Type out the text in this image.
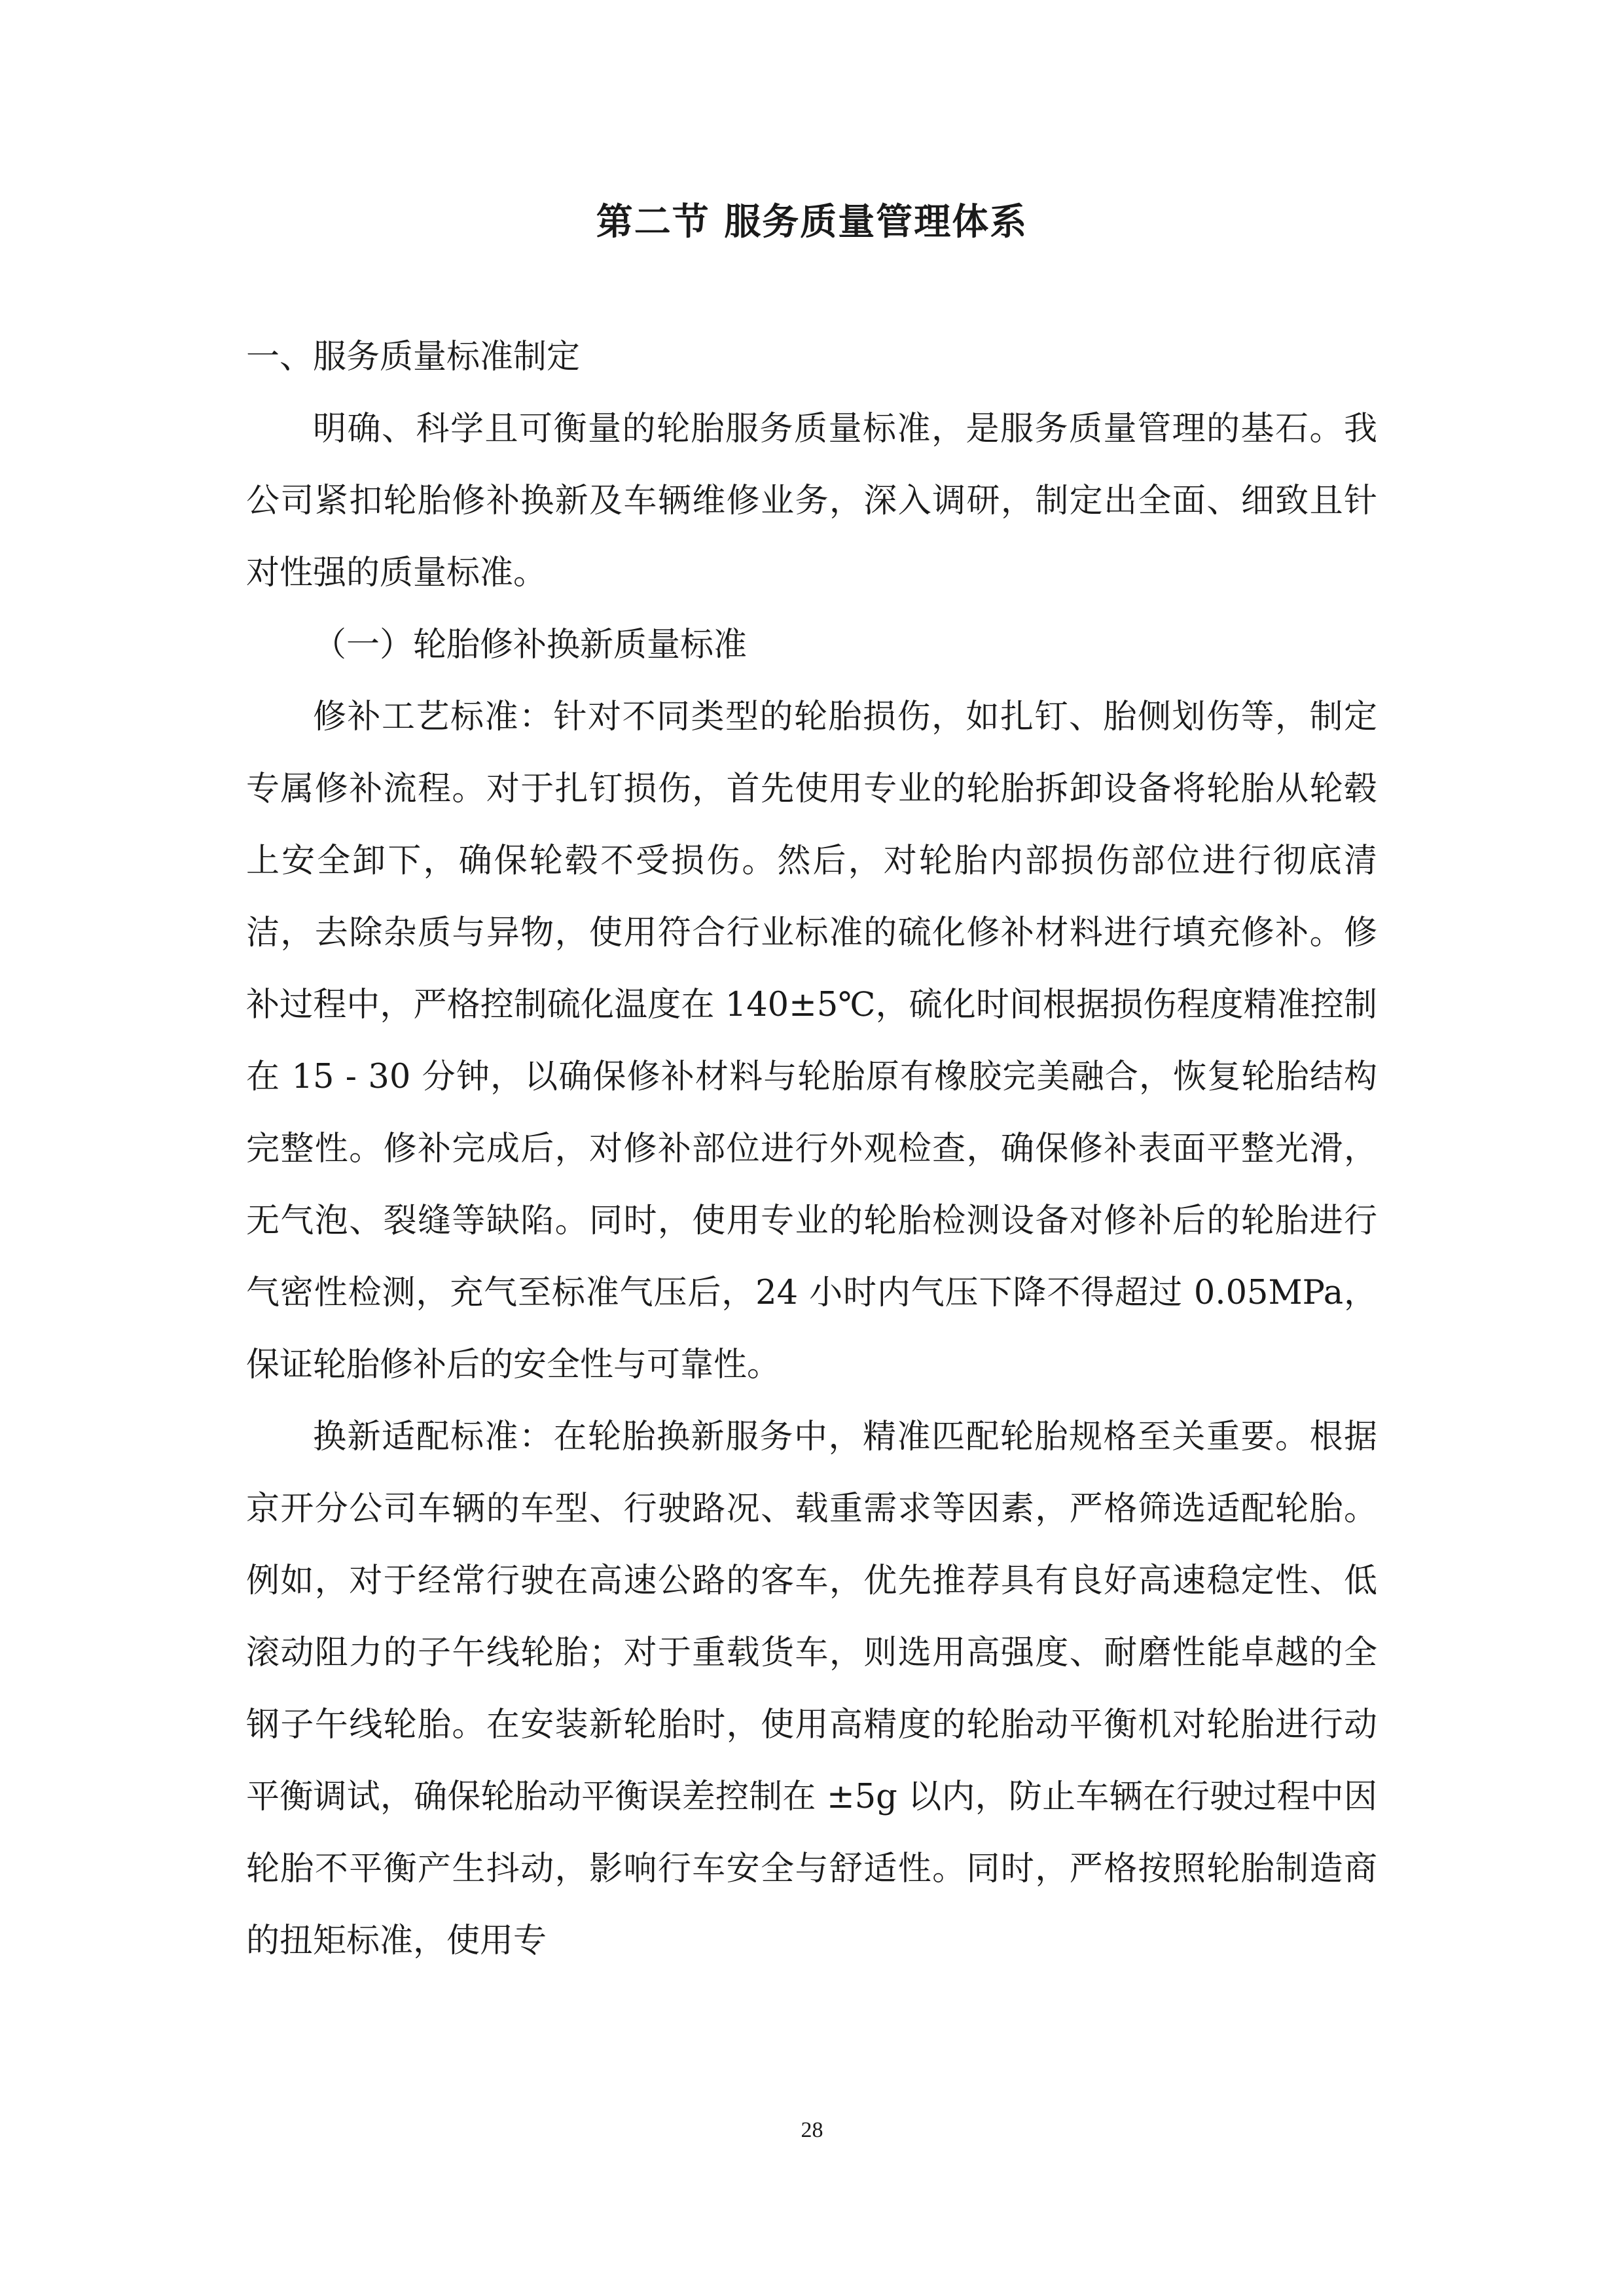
第二节 服务质量管理体系

一、服务质量标准制定

明确、科学且可衡量的轮胎服务质量标准，是服务质量管理的基石。我公司紧扣轮胎修补换新及车辆维修业务，深入调研，制定出全面、细致且针对性强的质量标准。

（一）轮胎修补换新质量标准

修补工艺标准：针对不同类型的轮胎损伤，如扎钉、胎侧划伤等，制定专属修补流程。对于扎钉损伤，首先使用专业的轮胎拆卸设备将轮胎从轮毂上安全卸下，确保轮毂不受损伤。然后，对轮胎内部损伤部位进行彻底清洁，去除杂质与异物，使用符合行业标准的硫化修补材料进行填充修补。修补过程中，严格控制硫化温度在 140±5℃，硫化时间根据损伤程度精准控制在 15 - 30 分钟，以确保修补材料与轮胎原有橡胶完美融合，恢复轮胎结构完整性。修补完成后，对修补部位进行外观检查，确保修补表面平整光滑，无气泡、裂缝等缺陷。同时，使用专业的轮胎检测设备对修补后的轮胎进行气密性检测，充气至标准气压后，24 小时内气压下降不得超过 0.05MPa，保证轮胎修补后的安全性与可靠性。

换新适配标准：在轮胎换新服务中，精准匹配轮胎规格至关重要。根据京开分公司车辆的车型、行驶路况、载重需求等因素，严格筛选适配轮胎。例如，对于经常行驶在高速公路的客车，优先推荐具有良好高速稳定性、低滚动阻力的子午线轮胎；对于重载货车，则选用高强度、耐磨性能卓越的全钢子午线轮胎。在安装新轮胎时，使用高精度的轮胎动平衡机对轮胎进行动平衡调试，确保轮胎动平衡误差控制在 ±5g 以内，防止车辆在行驶过程中因轮胎不平衡产生抖动，影响行车安全与舒适性。同时，严格按照轮胎制造商的扭矩标准，使用专

28
